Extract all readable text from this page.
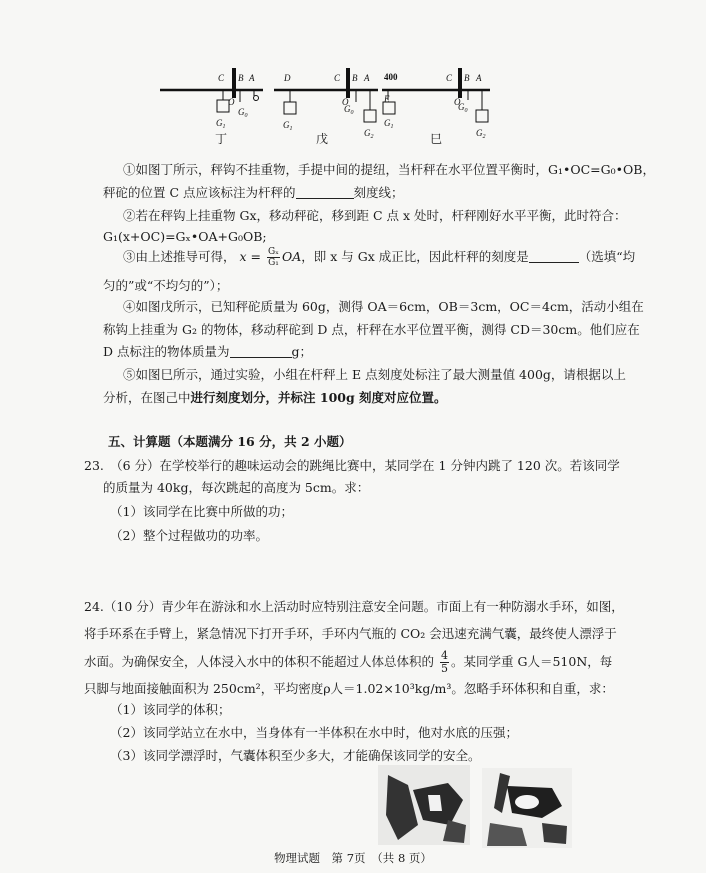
C B A
O
$G_0$
$G_1$
丁
D	C B A
O
$G_1$
$G_0$
$G_2$
戊
400
E
C B A
O
$G_1$
$G_0$
$G_2$
巳
①如图丁所示，秤钩不挂重物，手提中间的提纽，当杆秤在水平位置平衡时，G₁•OC=G₀•OB，
秤砣的位置 C 点应该标注为杆秤的	刻度线；
②若在秤钩上挂重物 Gx，移动秤砣，移到距 C 点 x 处时，杆秤刚好水平平衡，此时符合：
G₁(x+OC)=Gₓ•OA+G₀OB;
③由上述推导可得， $x = \frac{\text{Gₓ}}{\text{G₁}}$ OA，即 x 与 Gx 成正比，因此杆秤的刻度是	（选填“均
匀的”或“不均匀的”）；
④如图戊所示，已知秤砣质量为 60g，测得 OA＝6cm，OB＝3cm，OC＝4cm，活动小组在
称钩上挂重为 G₂ 的物体，移动秤砣到 D 点，杆秤在水平位置平衡，测得 CD＝30cm。他们应在
D 点标注的物体质量为	g；
⑤如图巳所示，通过实验，小组在杆秤上 E 点刻度处标注了最大测量值 400g，请根据以上
分析，在图己中进行刻度划分，并标注 100g 刻度对应位置。
五、计算题（本题满分 16 分，共 2 小题）
23.　（6 分）在学校举行的趣味运动会的跳绳比赛中，某同学在 1 分钟内跳了 120 次。若该同学
的质量为 40kg，每次跳起的高度为 5cm。求：
（1）该同学在比赛中所做的功；
（2）整个过程做功的功率。
24.（10 分）青少年在游泳和水上活动时应特别注意安全问题。市面上有一种防溺水手环，如图，
将手环系在手臂上，紧急情况下打开手环，手环内气瓶的 CO₂ 会迅速充满气囊，最终使人漂浮于
水面。为确保安全，人体浸入水中的体积不能超过人体总体积的 $\frac{4}{5}$ 。某同学重 G人＝510N，每
只脚与地面接触面积为 250cm²，平均密度ρ人＝1.02×10³kg/m³。忽略手环体积和自重，求：
（1）该同学的体积；
（2）该同学站立在水中，当身体有一半体积在水中时，他对水底的压强；
（3）该同学漂浮时，气囊体积至少多大，才能确保该同学的安全。
物理试题　第 7页　（共 8 页）
